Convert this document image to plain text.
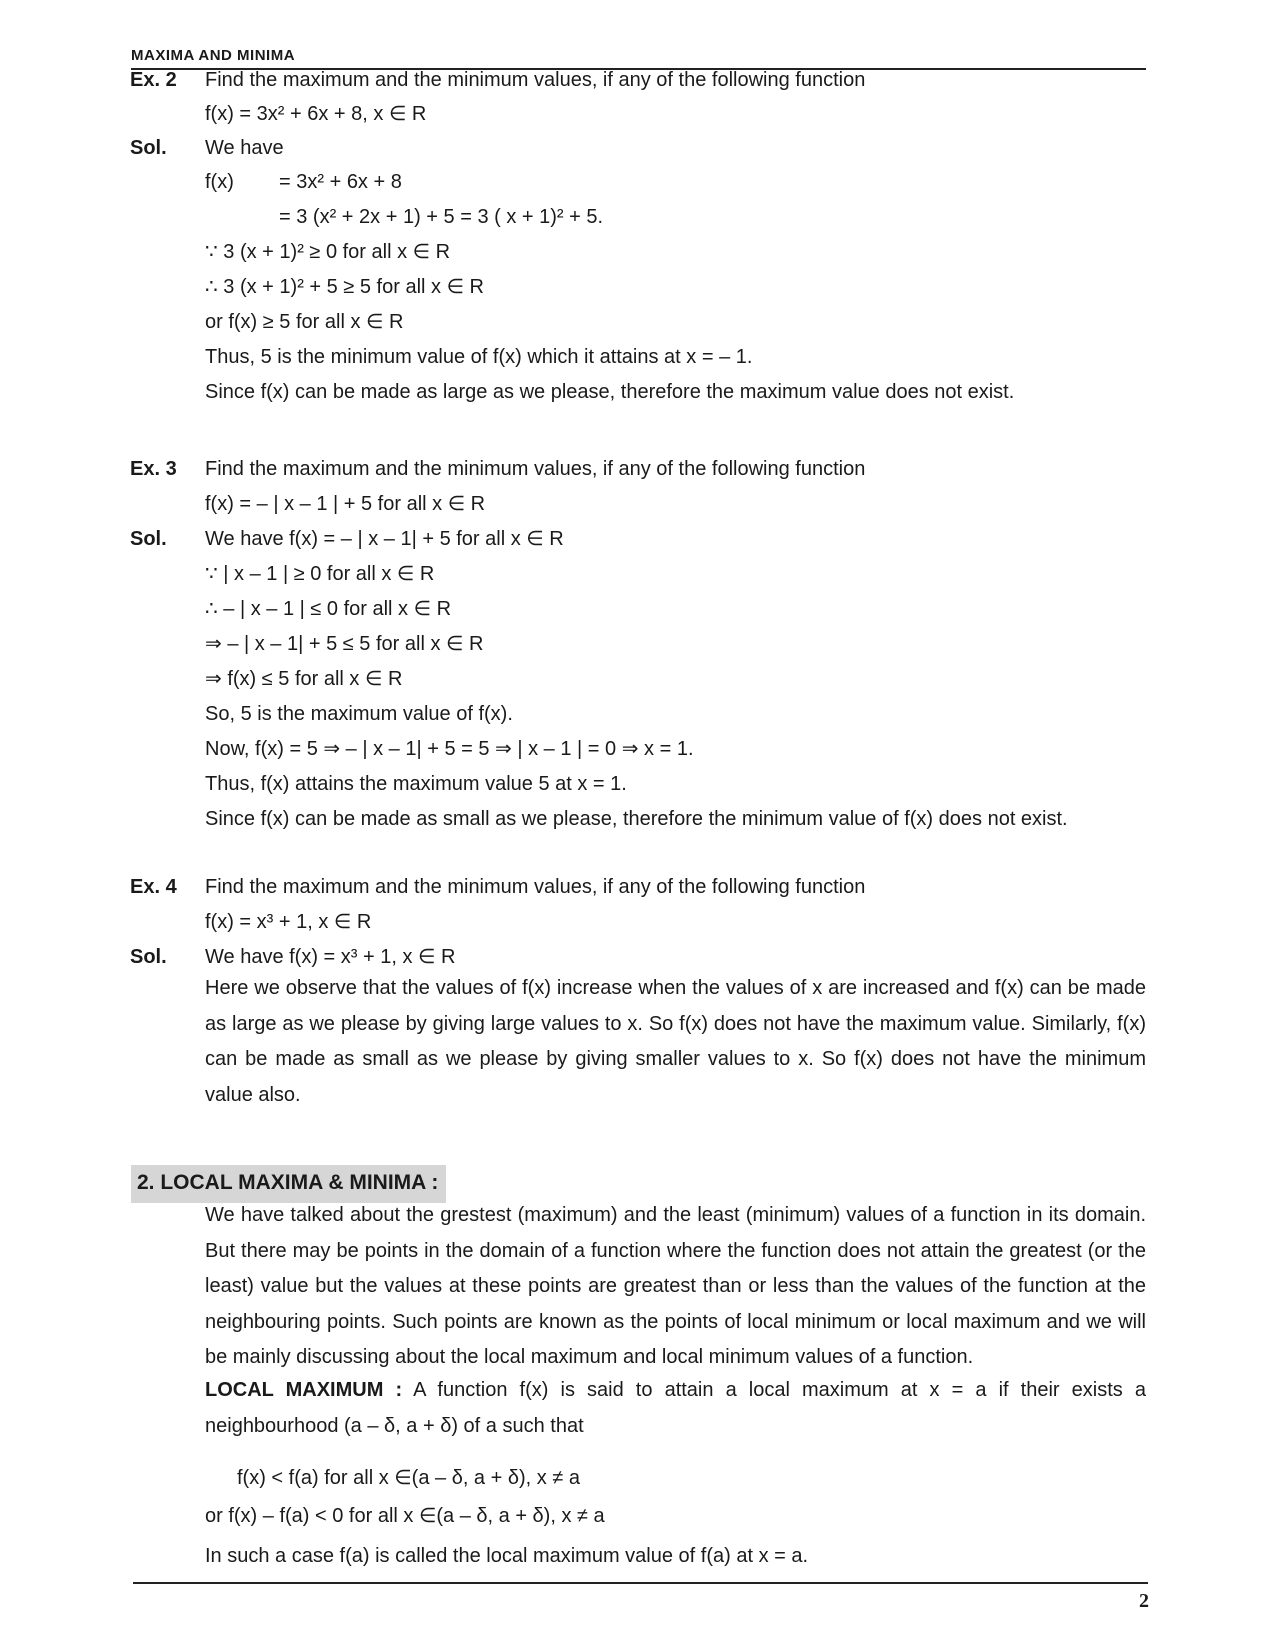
MAXIMA AND MINIMA
Ex. 2 Find the maximum and the minimum values, if any of the following function
f(x) = 3x² + 6x + 8, x ∈ R
Sol. We have
f(x) = 3x² + 6x + 8
= 3 (x² + 2x + 1) + 5 = 3 ( x + 1)² + 5.
∵ 3 (x + 1)² ≥ 0 for all x ∈ R
∴ 3 (x + 1)² + 5 ≥ 5 for all x ∈ R
or f(x) ≥ 5 for all x ∈ R
Thus, 5 is the minimum value of f(x) which it attains at x = – 1.
Since f(x) can be made as large as we please, therefore the maximum value does not exist.
Ex. 3 Find the maximum and the minimum values, if any of the following function
f(x) = – | x – 1 | + 5 for all x ∈ R
Sol. We have f(x) = – | x – 1| + 5 for all x ∈ R
∵ | x – 1 | ≥ 0 for all x ∈ R
∴ – | x – 1 | ≤ 0 for all x ∈ R
⇒ – | x – 1| + 5 ≤ 5 for all x ∈ R
⇒ f(x) ≤ 5 for all x ∈ R
So, 5 is the maximum value of f(x).
Now, f(x) = 5 ⇒ – | x – 1| + 5 = 5 ⇒ | x – 1 | = 0 ⇒ x = 1.
Thus, f(x) attains the maximum value 5 at x = 1.
Since f(x) can be made as small as we please, therefore the minimum value of f(x) does not exist.
Ex. 4 Find the maximum and the minimum values, if any of the following function
f(x) = x³ + 1, x ∈ R
Sol. We have f(x) = x³ + 1, x ∈ R
Here we observe that the values of f(x) increase when the values of x are increased and f(x) can be made as large as we please by giving large values to x. So f(x) does not have the maximum value. Similarly, f(x) can be made as small as we please by giving smaller values to x. So f(x) does not have the minimum value also.
2. LOCAL MAXIMA & MINIMA :
We have talked about the grestest (maximum) and the least (minimum) values of a function in its domain. But there may be points in the domain of a function where the function does not attain the greatest (or the least) value but the values at these points are greatest than or less than the values of the function at the neighbouring points. Such points are known as the points of local minimum or local maximum and we will be mainly discussing about the local maximum and local minimum values of a function.
LOCAL MAXIMUM : A function f(x) is said to attain a local maximum at x = a if their exists a neighbourhood (a – δ, a + δ) of a such that
f(x) < f(a) for all x ∈(a – δ, a + δ), x ≠ a
or f(x) – f(a) < 0 for all x ∈(a – δ, a + δ), x ≠ a
In such a case f(a) is called the local maximum value of f(a) at x = a.
2
